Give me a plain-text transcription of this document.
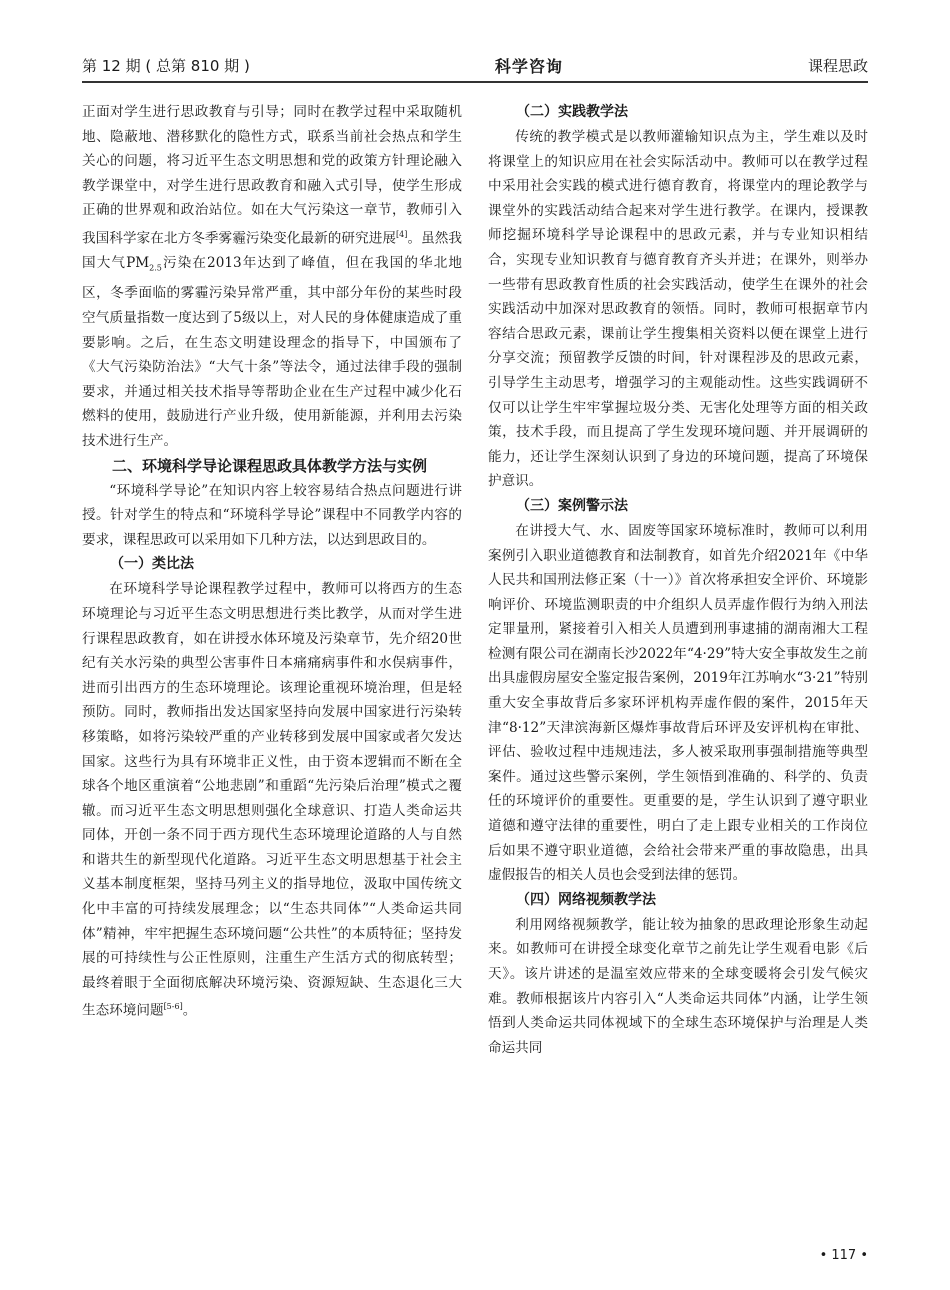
第 12 期 ( 总第 810 期 )	科学咨询	课程思政

正面对学生进行思政教育与引导；同时在教学过程中采取随机地、隐蔽地、潜移默化的隐性方式，联系当前社会热点和学生关心的问题，将习近平生态文明思想和党的政策方针理论融入教学课堂中，对学生进行思政教育和融入式引导，使学生形成正确的世界观和政治站位。如在大气污染这一章节，教师引入我国科学家在北方冬季雾霾污染变化最新的研究进展[4]。虽然我国大气$PM_{2.5}$污染在2013年达到了峰值，但在我国的华北地区，冬季面临的雾霾污染异常严重，其中部分年份的某些时段空气质量指数一度达到了5级以上，对人民的身体健康造成了重要影响。之后，在生态文明建设理念的指导下，中国颁布了《大气污染防治法》“大气十条”等法令，通过法律手段的强制要求，并通过相关技术指导等帮助企业在生产过程中减少化石燃料的使用，鼓励进行产业升级，使用新能源，并利用去污染技术进行生产。

二、环境科学导论课程思政具体教学方法与实例

“环境科学导论”在知识内容上较容易结合热点问题进行讲授。针对学生的特点和“环境科学导论”课程中不同教学内容的要求，课程思政可以采用如下几种方法，以达到思政目的。

（一）类比法

在环境科学导论课程教学过程中，教师可以将西方的生态环境理论与习近平生态文明思想进行类比教学，从而对学生进行课程思政教育，如在讲授水体环境及污染章节，先介绍20世纪有关水污染的典型公害事件日本痛痛病事件和水俣病事件，进而引出西方的生态环境理论。该理论重视环境治理，但是轻预防。同时，教师指出发达国家坚持向发展中国家进行污染转移策略，如将污染较严重的产业转移到发展中国家或者欠发达国家。这些行为具有环境非正义性，由于资本逻辑而不断在全球各个地区重演着“公地悲剧”和重蹈“先污染后治理”模式之覆辙。而习近平生态文明思想则强化全球意识、打造人类命运共同体，开创一条不同于西方现代生态环境理论道路的人与自然和谐共生的新型现代化道路。习近平生态文明思想基于社会主义基本制度框架，坚持马列主义的指导地位，汲取中国传统文化中丰富的可持续发展理念；以“生态共同体”“人类命运共同体”精神，牢牢把握生态环境问题“公共性”的本质特征；坚持发展的可持续性与公正性原则，注重生产生活方式的彻底转型；最终着眼于全面彻底解决环境污染、资源短缺、生态退化三大生态环境问题[5-6]。

（二）实践教学法

传统的教学模式是以教师灌输知识点为主，学生难以及时将课堂上的知识应用在社会实际活动中。教师可以在教学过程中采用社会实践的模式进行德育教育，将课堂内的理论教学与课堂外的实践活动结合起来对学生进行教学。在课内，授课教师挖掘环境科学导论课程中的思政元素，并与专业知识相结合，实现专业知识教育与德育教育齐头并进；在课外，则举办一些带有思政教育性质的社会实践活动，使学生在课外的社会实践活动中加深对思政教育的领悟。同时，教师可根据章节内容结合思政元素，课前让学生搜集相关资料以便在课堂上进行分享交流；预留教学反馈的时间，针对课程涉及的思政元素，引导学生主动思考，增强学习的主观能动性。这些实践调研不仅可以让学生牢牢掌握垃圾分类、无害化处理等方面的相关政策，技术手段，而且提高了学生发现环境问题、并开展调研的能力，还让学生深刻认识到了身边的环境问题，提高了环境保护意识。

（三）案例警示法

在讲授大气、水、固废等国家环境标准时，教师可以利用案例引入职业道德教育和法制教育，如首先介绍2021年《中华人民共和国刑法修正案（十一）》首次将承担安全评价、环境影响评价、环境监测职责的中介组织人员弄虚作假行为纳入刑法定罪量刑，紧接着引入相关人员遭到刑事逮捕的湖南湘大工程检测有限公司在湖南长沙2022年“4·29”特大安全事故发生之前出具虚假房屋安全鉴定报告案例，2019年江苏响水“3·21”特别重大安全事故背后多家环评机构弄虚作假的案件，2015年天津“8·12”天津滨海新区爆炸事故背后环评及安评机构在审批、评估、验收过程中违规违法，多人被采取刑事强制措施等典型案件。通过这些警示案例，学生领悟到准确的、科学的、负责任的环境评价的重要性。更重要的是，学生认识到了遵守职业道德和遵守法律的重要性，明白了走上跟专业相关的工作岗位后如果不遵守职业道德，会给社会带来严重的事故隐患，出具虚假报告的相关人员也会受到法律的惩罚。

（四）网络视频教学法

利用网络视频教学，能让较为抽象的思政理论形象生动起来。如教师可在讲授全球变化章节之前先让学生观看电影《后天》。该片讲述的是温室效应带来的全球变暖将会引发气候灾难。教师根据该片内容引入“人类命运共同体”内涵，让学生领悟到人类命运共同体视域下的全球生态环境保护与治理是人类命运共同

• 117 •
